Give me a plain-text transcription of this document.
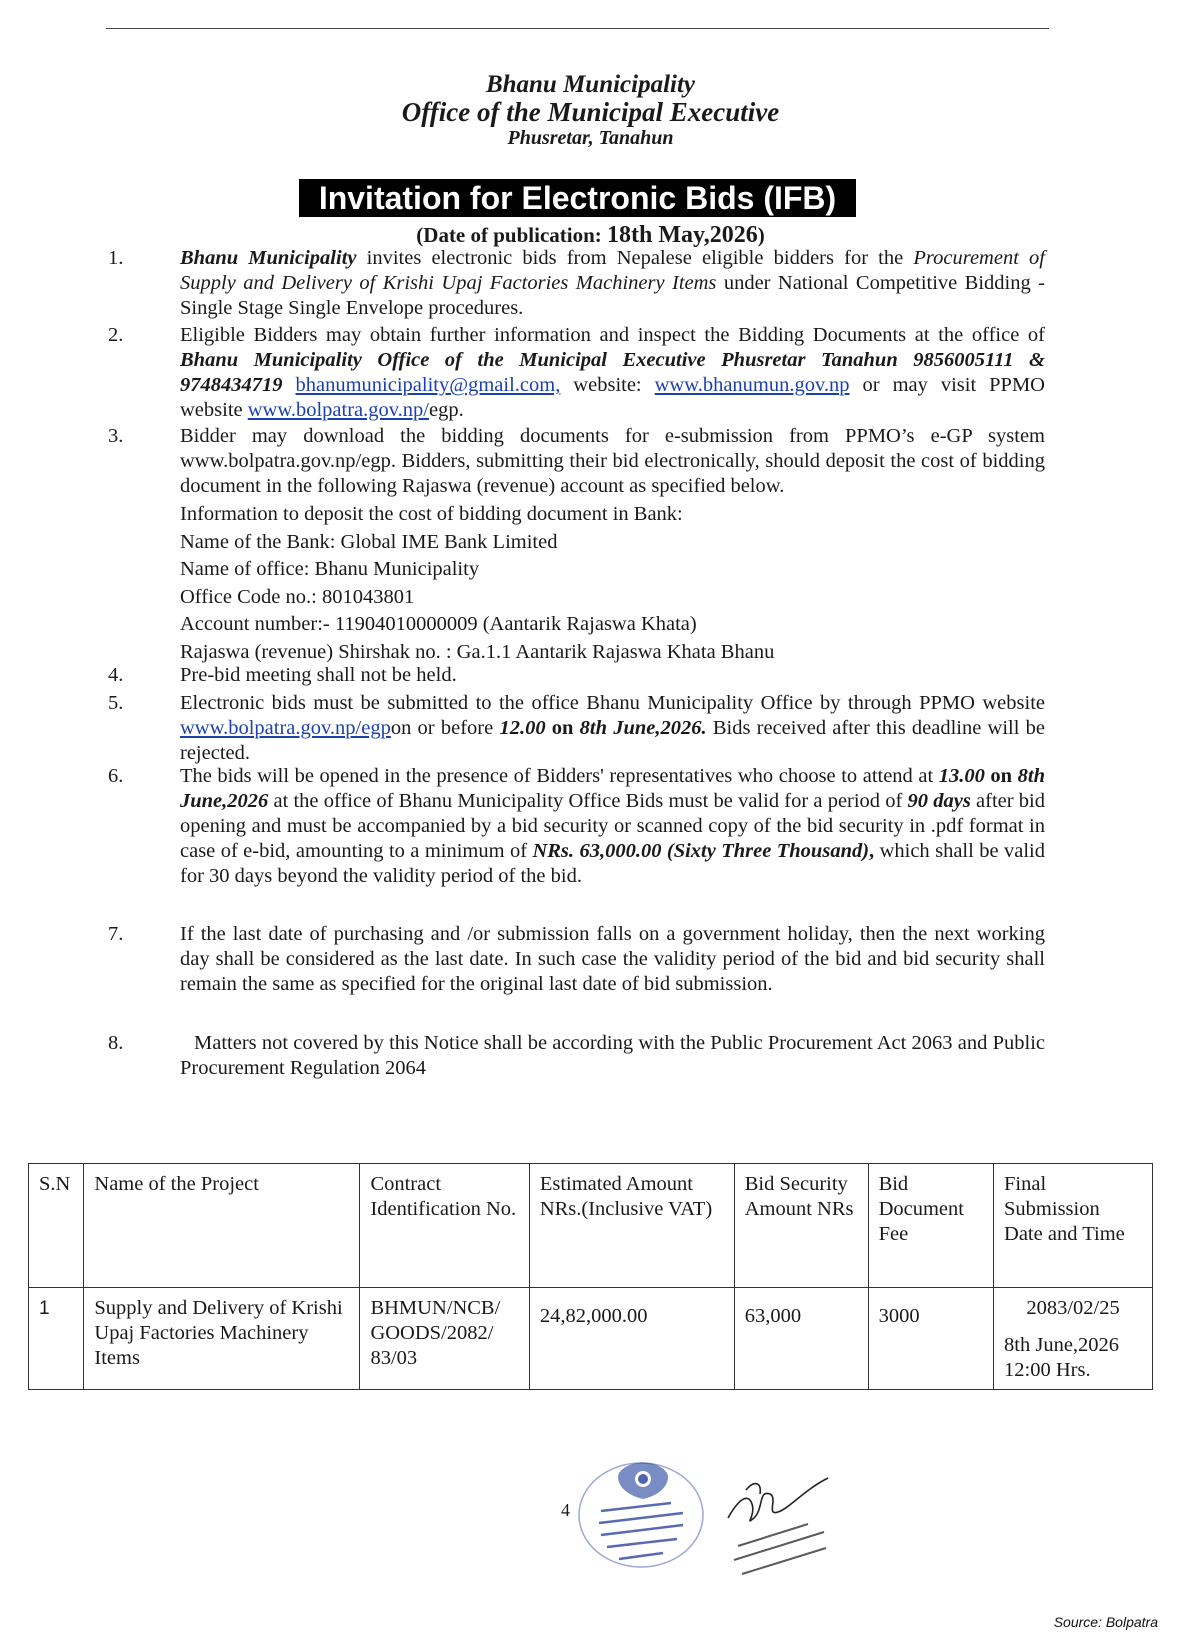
Bhanu Municipality
Office of the Municipal Executive
Phusretar, Tanahun
Invitation for Electronic Bids (IFB)
(Date of publication: 18th May,2026)
1.	Bhanu Municipality invites electronic bids from Nepalese eligible bidders for the Procurement of Supply and Delivery of Krishi Upaj Factories Machinery Items under National Competitive Bidding -Single Stage Single Envelope procedures.
2.	Eligible Bidders may obtain further information and inspect the Bidding Documents at the office of Bhanu Municipality Office of the Municipal Executive Phusretar Tanahun 9856005111 & 9748434719 bhanumunicipality@gmail.com, website: www.bhanumun.gov.np or may visit PPMO website www.bolpatra.gov.np/egp.
3.	Bidder may download the bidding documents for e-submission from PPMO’s e-GP system www.bolpatra.gov.np/egp. Bidders, submitting their bid electronically, should deposit the cost of bidding document in the following Rajaswa (revenue) account as specified below.
Information to deposit the cost of bidding document in Bank:
Name of the Bank: Global IME Bank Limited
Name of office: Bhanu Municipality
Office Code no.: 801043801
Account number:- 11904010000009 (Aantarik Rajaswa Khata)
Rajaswa (revenue) Shirshak no. : Ga.1.1 Aantarik Rajaswa Khata Bhanu
4.	Pre-bid meeting shall not be held.
5.	Electronic bids must be submitted to the office Bhanu Municipality Office by through PPMO website www.bolpatra.gov.np/egpon or before 12.00 on 8th June,2026. Bids received after this deadline will be rejected.
6.	The bids will be opened in the presence of Bidders' representatives who choose to attend at 13.00 on 8th June,2026 at the office of Bhanu Municipality Office Bids must be valid for a period of 90 days after bid opening and must be accompanied by a bid security or scanned copy of the bid security in .pdf format in case of e-bid, amounting to a minimum of NRs. 63,000.00 (Sixty Three Thousand), which shall be valid for 30 days beyond the validity period of the bid.
7.	If the last date of purchasing and /or submission falls on a government holiday, then the next working day shall be considered as the last date. In such case the validity period of the bid and bid security shall remain the same as specified for the original last date of bid submission.
8.	Matters not covered by this Notice shall be according with the Public Procurement Act 2063 and Public Procurement Regulation 2064
S.N	Name of the Project	Contract Identification No.	Estimated Amount NRs.(Inclusive VAT)	Bid Security Amount NRs	Bid Document Fee	Final Submission Date and Time
1	Supply and Delivery of Krishi Upaj Factories Machinery Items	BHMUN/NCB/ GOODS/2082/ 83/03	24,82,000.00	63,000	3000	2083/02/25
8th June,2026
12:00 Hrs.
4
Source: Bolpatra
